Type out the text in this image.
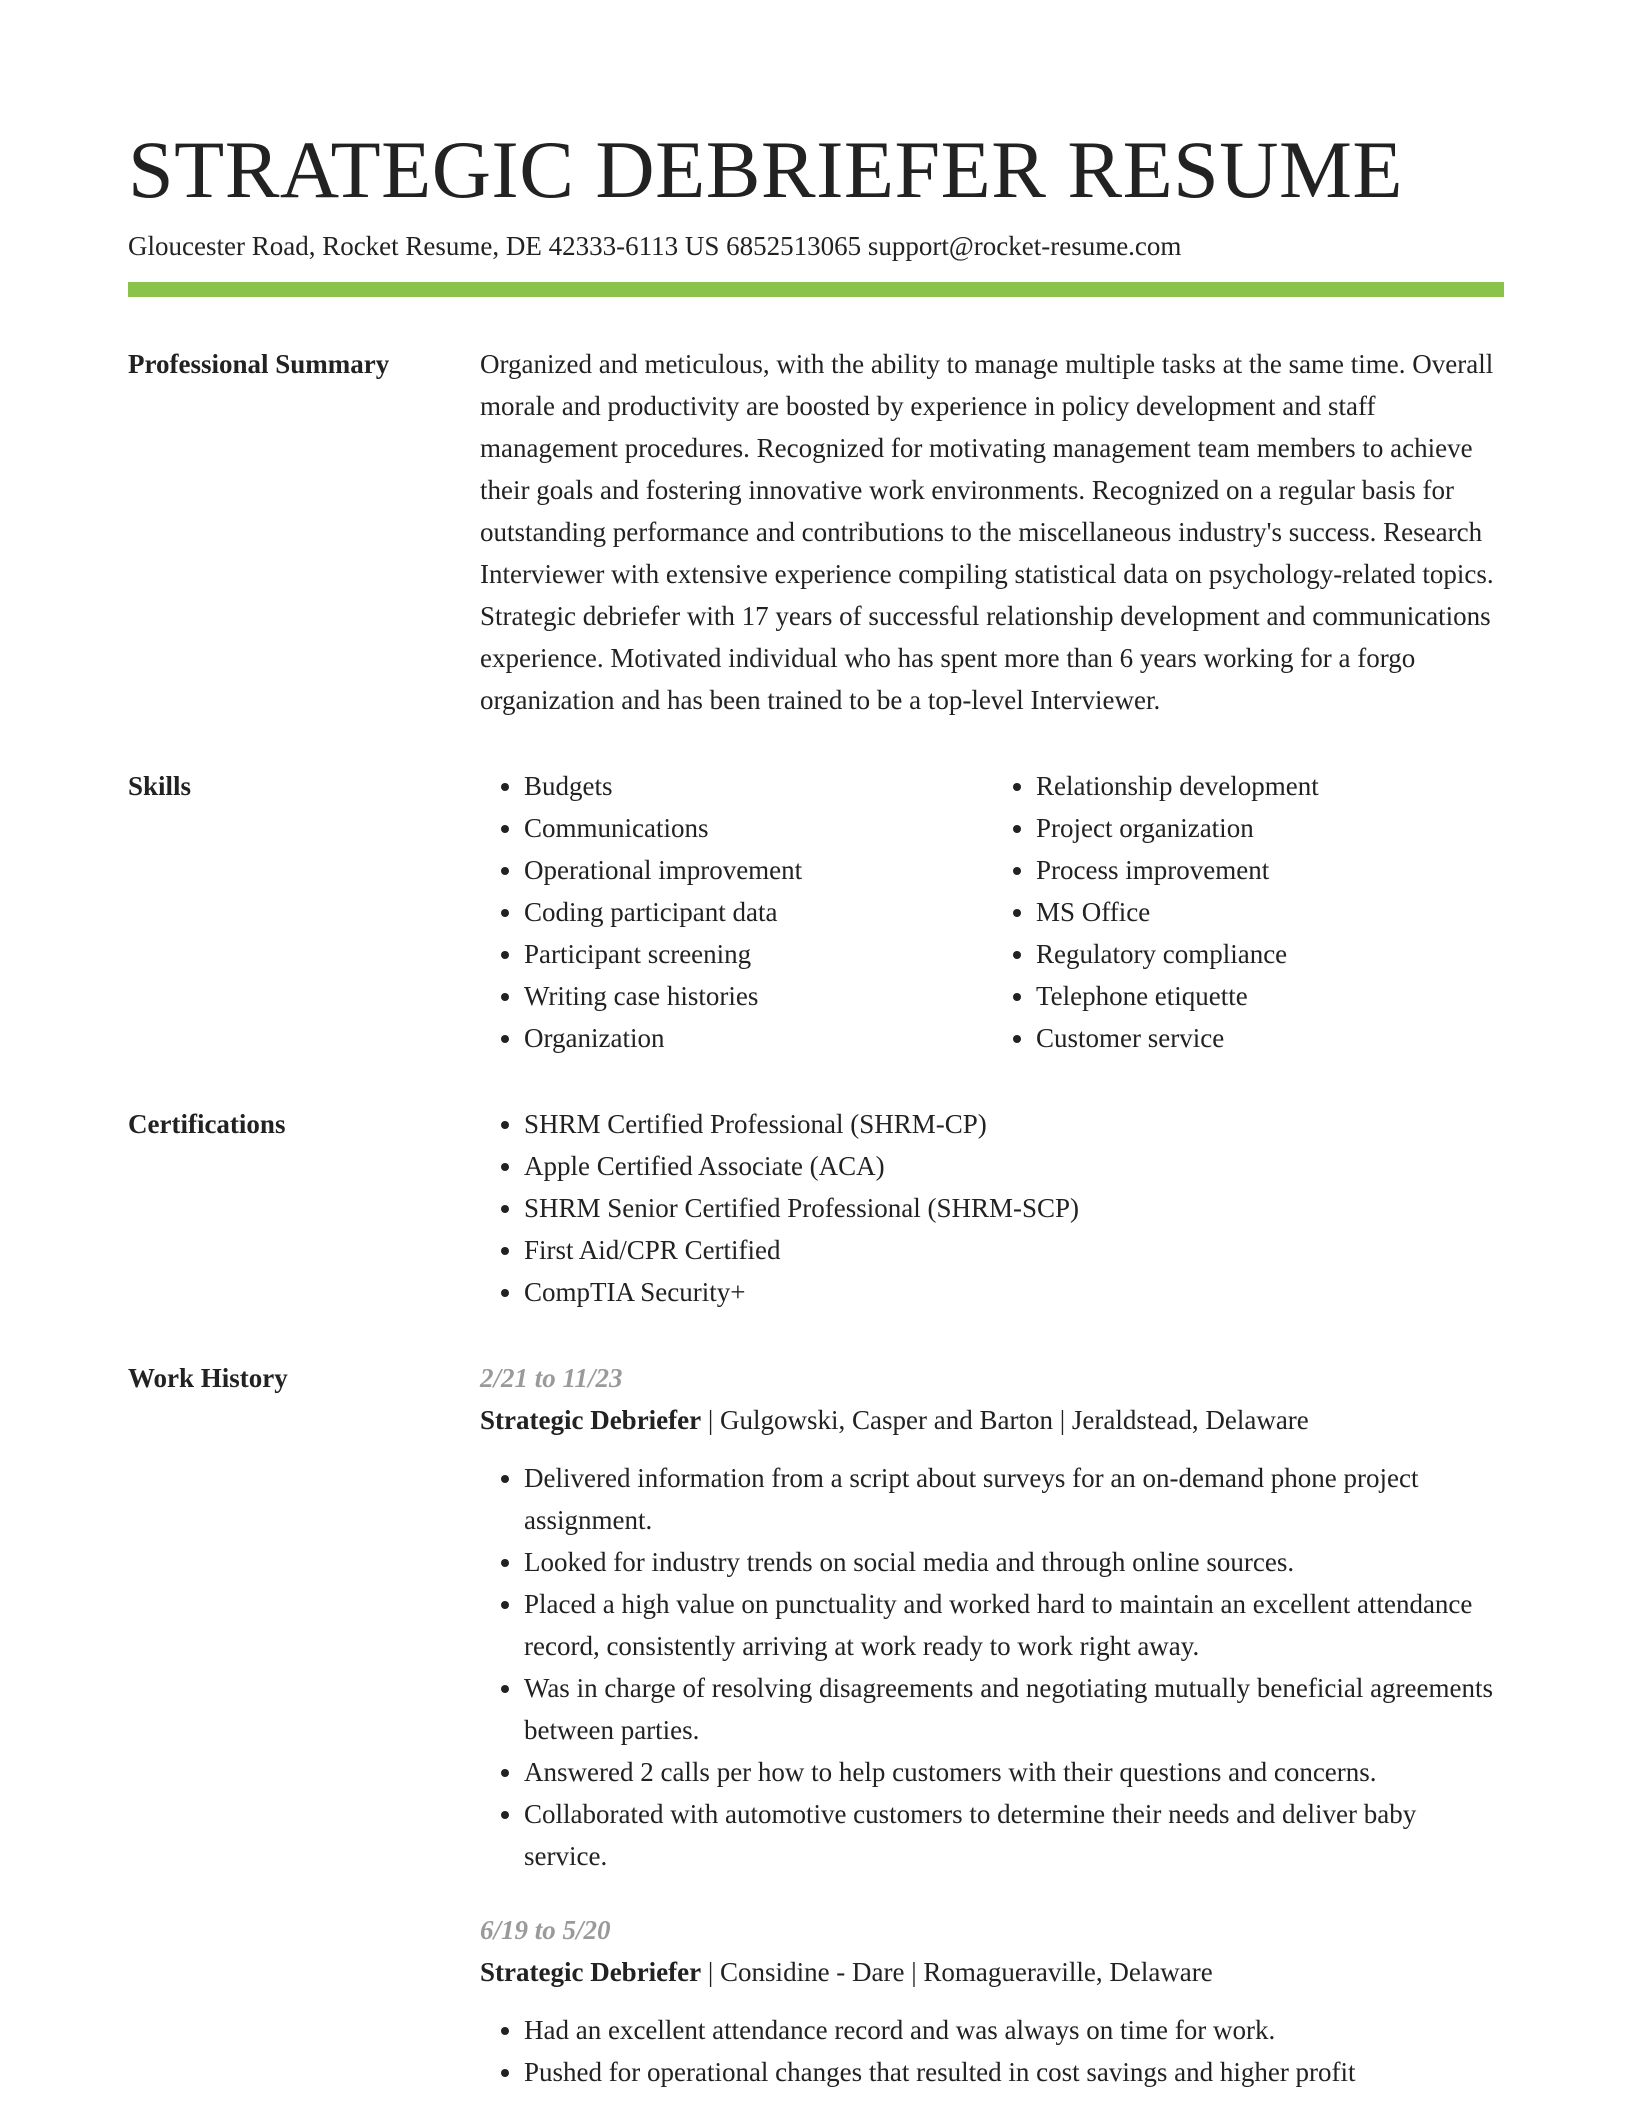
STRATEGIC DEBRIEFER RESUME
Gloucester Road, Rocket Resume, DE 42333-6113 US 6852513065 support@rocket-resume.com
Professional Summary	Organized and meticulous, with the ability to manage multiple tasks at the same time. Overall morale and productivity are boosted by experience in policy development and staff management procedures. Recognized for motivating management team members to achieve their goals and fostering innovative work environments. Recognized on a regular basis for outstanding performance and contributions to the miscellaneous industry's success. Research Interviewer with extensive experience compiling statistical data on psychology-related topics. Strategic debriefer with 17 years of successful relationship development and communications experience. Motivated individual who has spent more than 6 years working for a forgo organization and has been trained to be a top-level Interviewer.

Skills	• Budgets
• Communications
• Operational improvement
• Coding participant data
• Participant screening
• Writing case histories
• Organization
• Relationship development
• Project organization
• Process improvement
• MS Office
• Regulatory compliance
• Telephone etiquette
• Customer service
Certifications	• SHRM Certified Professional (SHRM-CP)
• Apple Certified Associate (ACA)
• SHRM Senior Certified Professional (SHRM-SCP)
• First Aid/CPR Certified
• CompTIA Security+
Work History	2/21 to 11/23
Strategic Debriefer | Gulgowski, Casper and Barton | Jeraldstead, Delaware
• Delivered information from a script about surveys for an on-demand phone project assignment.
• Looked for industry trends on social media and through online sources.
• Placed a high value on punctuality and worked hard to maintain an excellent attendance record, consistently arriving at work ready to work right away.
• Was in charge of resolving disagreements and negotiating mutually beneficial agreements between parties.
• Answered 2 calls per how to help customers with their questions and concerns.
• Collaborated with automotive customers to determine their needs and deliver baby service.
6/19 to 5/20
Strategic Debriefer | Considine - Dare | Romagueraville, Delaware
• Had an excellent attendance record and was always on time for work.
• Pushed for operational changes that resulted in cost savings and higher profit
